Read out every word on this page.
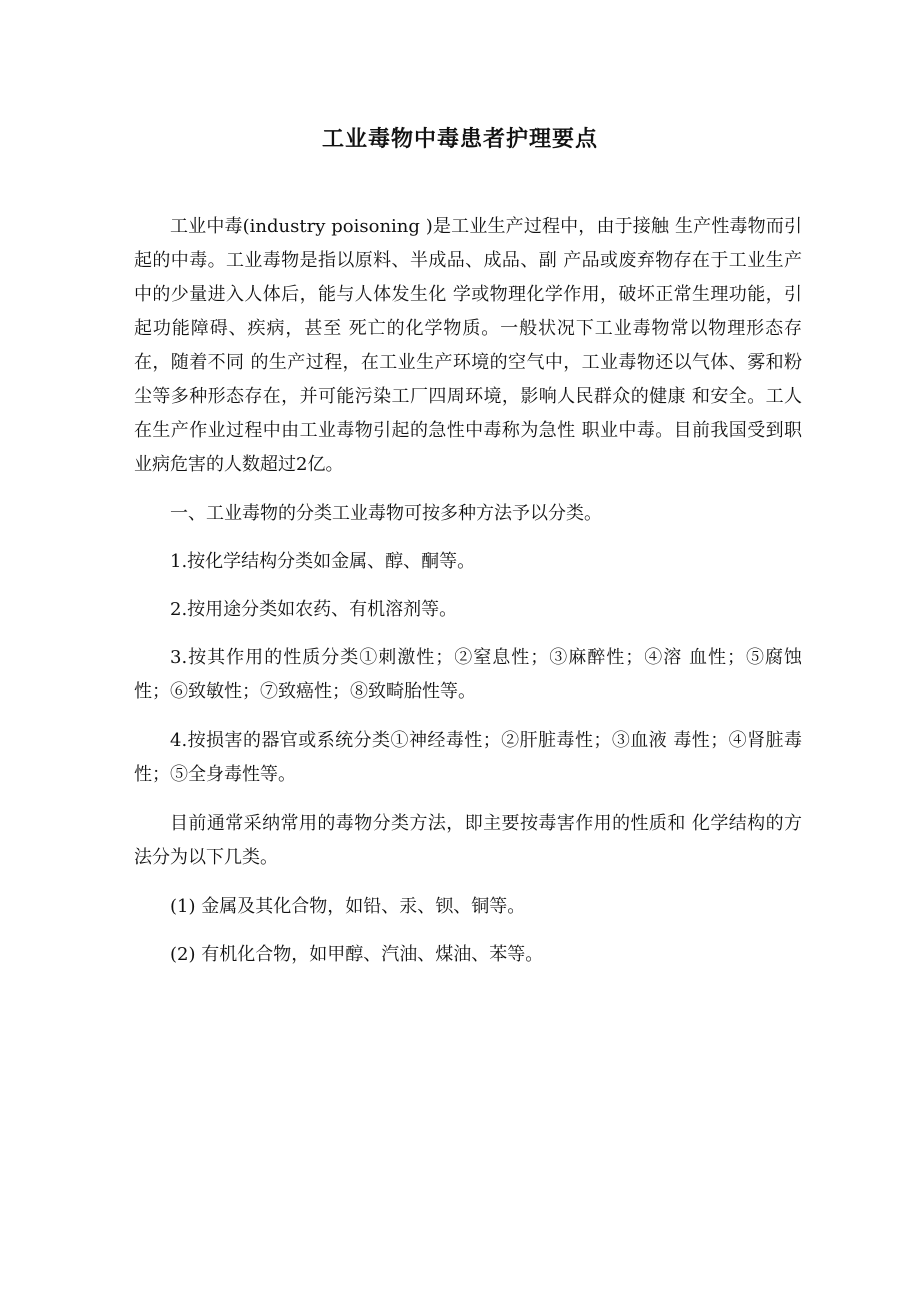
工业毒物中毒患者护理要点

工业中毒(industry poisoning )是工业生产过程中，由于接触 生产性毒物而引起的中毒。工业毒物是指以原料、半成品、成品、副 产品或废弃物存在于工业生产中的少量进入人体后，能与人体发生化 学或物理化学作用，破坏正常生理功能，引起功能障碍、疾病，甚至 死亡的化学物质。一般状况下工业毒物常以物理形态存在，随着不同 的生产过程，在工业生产环境的空气中，工业毒物还以气体、雾和粉 尘等多种形态存在，并可能污染工厂四周环境，影响人民群众的健康 和安全。工人在生产作业过程中由工业毒物引起的急性中毒称为急性 职业中毒。目前我国受到职业病危害的人数超过2亿。

一、工业毒物的分类工业毒物可按多种方法予以分类。

1.按化学结构分类如金属、醇、酮等。

2.按用途分类如农药、有机溶剂等。

3.按其作用的性质分类①刺激性；②窒息性；③麻醉性；④溶 血性；⑤腐蚀性；⑥致敏性；⑦致癌性；⑧致畸胎性等。

4.按损害的器官或系统分类①神经毒性；②肝脏毒性；③血液 毒性；④肾脏毒性；⑤全身毒性等。

目前通常采纳常用的毒物分类方法，即主要按毒害作用的性质和 化学结构的方法分为以下几类。

(1) 金属及其化合物，如铅、汞、钡、铜等。

(2) 有机化合物，如甲醇、汽油、煤油、苯等。
